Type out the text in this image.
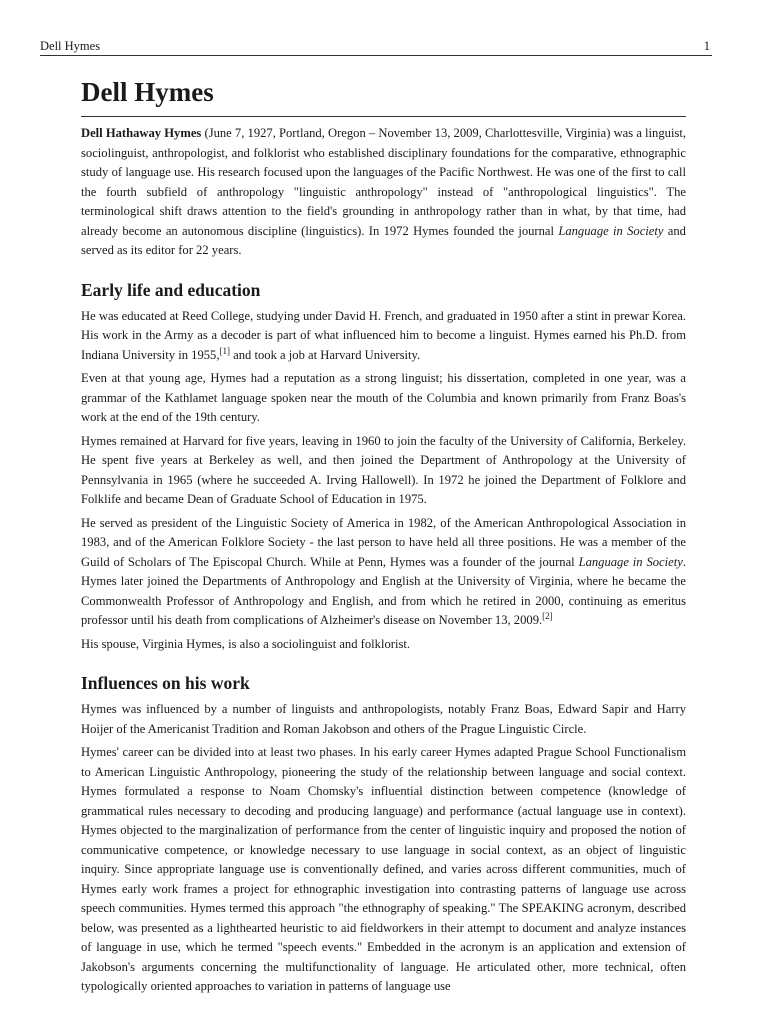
Dell Hymes	1
Dell Hymes

Dell Hathaway Hymes (June 7, 1927, Portland, Oregon – November 13, 2009, Charlottesville, Virginia) was a linguist, sociolinguist, anthropologist, and folklorist who established disciplinary foundations for the comparative, ethnographic study of language use. His research focused upon the languages of the Pacific Northwest. He was one of the first to call the fourth subfield of anthropology "linguistic anthropology" instead of "anthropological linguistics". The terminological shift draws attention to the field's grounding in anthropology rather than in what, by that time, had already become an autonomous discipline (linguistics). In 1972 Hymes founded the journal Language in Society and served as its editor for 22 years.

Early life and education

He was educated at Reed College, studying under David H. French, and graduated in 1950 after a stint in prewar Korea. His work in the Army as a decoder is part of what influenced him to become a linguist. Hymes earned his Ph.D. from Indiana University in 1955,[1] and took a job at Harvard University.

Even at that young age, Hymes had a reputation as a strong linguist; his dissertation, completed in one year, was a grammar of the Kathlamet language spoken near the mouth of the Columbia and known primarily from Franz Boas's work at the end of the 19th century.

Hymes remained at Harvard for five years, leaving in 1960 to join the faculty of the University of California, Berkeley. He spent five years at Berkeley as well, and then joined the Department of Anthropology at the University of Pennsylvania in 1965 (where he succeeded A. Irving Hallowell). In 1972 he joined the Department of Folklore and Folklife and became Dean of Graduate School of Education in 1975.

He served as president of the Linguistic Society of America in 1982, of the American Anthropological Association in 1983, and of the American Folklore Society - the last person to have held all three positions. He was a member of the Guild of Scholars of The Episcopal Church. While at Penn, Hymes was a founder of the journal Language in Society. Hymes later joined the Departments of Anthropology and English at the University of Virginia, where he became the Commonwealth Professor of Anthropology and English, and from which he retired in 2000, continuing as emeritus professor until his death from complications of Alzheimer's disease on November 13, 2009.[2]

His spouse, Virginia Hymes, is also a sociolinguist and folklorist.

Influences on his work

Hymes was influenced by a number of linguists and anthropologists, notably Franz Boas, Edward Sapir and Harry Hoijer of the Americanist Tradition and Roman Jakobson and others of the Prague Linguistic Circle.

Hymes' career can be divided into at least two phases. In his early career Hymes adapted Prague School Functionalism to American Linguistic Anthropology, pioneering the study of the relationship between language and social context. Hymes formulated a response to Noam Chomsky's influential distinction between competence (knowledge of grammatical rules necessary to decoding and producing language) and performance (actual language use in context). Hymes objected to the marginalization of performance from the center of linguistic inquiry and proposed the notion of communicative competence, or knowledge necessary to use language in social context, as an object of linguistic inquiry. Since appropriate language use is conventionally defined, and varies across different communities, much of Hymes early work frames a project for ethnographic investigation into contrasting patterns of language use across speech communities. Hymes termed this approach "the ethnography of speaking." The SPEAKING acronym, described below, was presented as a lighthearted heuristic to aid fieldworkers in their attempt to document and analyze instances of language in use, which he termed "speech events." Embedded in the acronym is an application and extension of Jakobson's arguments concerning the multifunctionality of language. He articulated other, more technical, often typologically oriented approaches to variation in patterns of language use
